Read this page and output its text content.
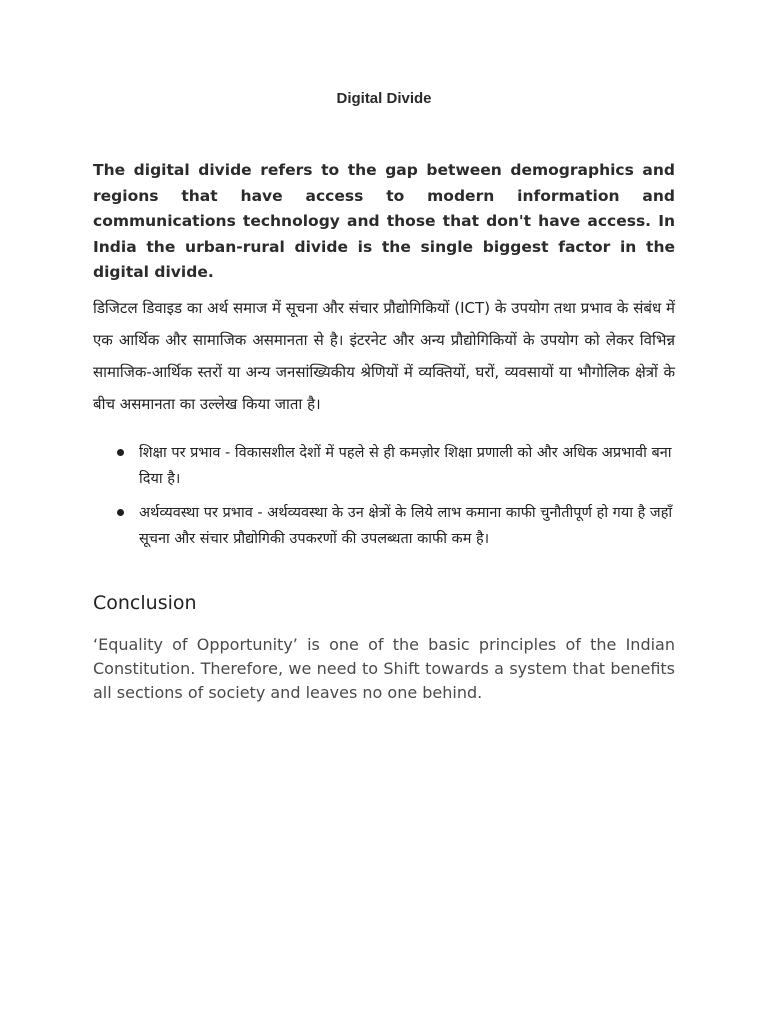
Digital Divide

The digital divide refers to the gap between demographics and regions that have access to modern information and communications technology and those that don't have access. In India the urban-rural divide is the single biggest factor in the digital divide.

डिजिटल डिवाइड का अर्थ समाज में सूचना और संचार प्रौद्योगिकियों (ICT) के उपयोग तथा प्रभाव के संबंध में एक आर्थिक और सामाजिक असमानता से है। इंटरनेट और अन्य प्रौद्योगिकियों के उपयोग को लेकर विभिन्न सामाजिक-आर्थिक स्तरों या अन्य जनसांख्यिकीय श्रेणियों में व्यक्तियों, घरों, व्यवसायों या भौगोलिक क्षेत्रों के बीच असमानता का उल्लेख किया जाता है।

शिक्षा पर प्रभाव - विकासशील देशों में पहले से ही कमज़ोर शिक्षा प्रणाली को और अधिक अप्रभावी बना दिया है।
अर्थव्यवस्था पर प्रभाव - अर्थव्यवस्था के उन क्षेत्रों के लिये लाभ कमाना काफी चुनौतीपूर्ण हो गया है जहाँ सूचना और संचार प्रौद्योगिकी उपकरणों की उपलब्धता काफी कम है।
Conclusion

‘Equality of Opportunity’ is one of the basic principles of the Indian Constitution. Therefore, we need to Shift towards a system that benefits all sections of society and leaves no one behind.
